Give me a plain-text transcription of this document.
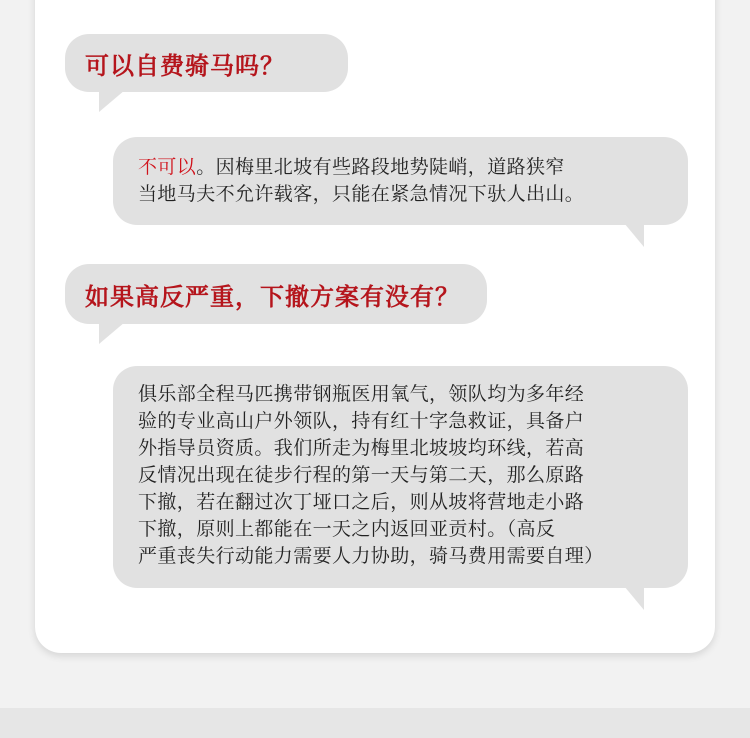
可以自费骑马吗？
不可以。因梅里北坡有些路段地势陡峭，道路狭窄
当地马夫不允许载客，只能在紧急情况下驮人出山。
如果高反严重，下撤方案有没有？
俱乐部全程马匹携带钢瓶医用氧气，领队均为多年经
验的专业高山户外领队，持有红十字急救证，具备户
外指导员资质。我们所走为梅里北坡坡均环线，若高
反情况出现在徒步行程的第一天与第二天，那么原路
下撤，若在翻过次丁垭口之后，则从坡将营地走小路
下撤，原则上都能在一天之内返回亚贡村。（高反
严重丧失行动能力需要人力协助，骑马费用需要自理）
